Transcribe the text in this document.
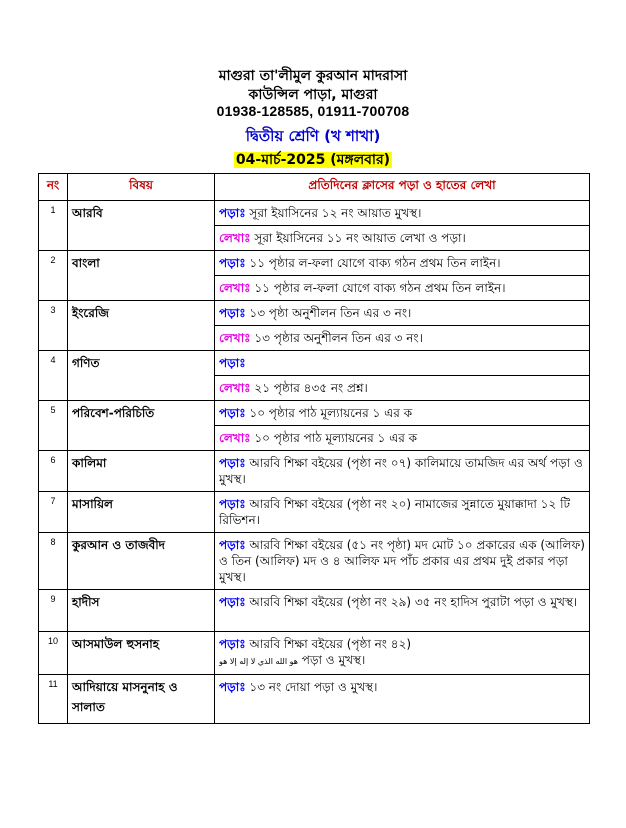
মাগুরা তা'লীমুল কুরআন মাদরাসা
কাউন্সিল পাড়া, মাগুরা
01938-128585, 01911-700708
দ্বিতীয় শ্রেণি (খ শাখা)
04-মার্চ-2025 (মঙ্গলবার)
নং	বিষয়	প্রতিদিনের ক্লাসের পড়া ও হাতের লেখা
1	আরবি	পড়াঃ সূরা ইয়াসিনের ১২ নং আয়াত মুখস্থ।
		লেখাঃ সূরা ইয়াসিনের ১১ নং আয়াত লেখা ও পড়া।
2	বাংলা	পড়াঃ ১১ পৃষ্ঠার ল-ফলা যোগে বাক্য গঠন প্রথম তিন লাইন।
		লেখাঃ ১১ পৃষ্ঠার ল-ফলা যোগে বাক্য গঠন প্রথম তিন লাইন।
3	ইংরেজি	পড়াঃ ১৩ পৃষ্ঠা অনুশীলন তিন এর ৩ নং।
		লেখাঃ ১৩ পৃষ্ঠার অনুশীলন তিন এর ৩ নং।
4	গণিত	পড়াঃ
		লেখাঃ ২১ পৃষ্ঠার ৪৩৫ নং প্রশ্ন।
5	পরিবেশ-পরিচিতি	পড়াঃ ১০ পৃষ্ঠার পাঠ মূল্যায়নের ১ এর ক
		লেখাঃ ১০ পৃষ্ঠার পাঠ মূল্যায়নের ১ এর ক
6	কালিমা	পড়াঃ আরবি শিক্ষা বইয়ের (পৃষ্ঠা নং ০৭) কালিমায়ে তামজিদ এর অর্থ পড়া ও মুখস্থ।
7	মাসায়িল	পড়াঃ আরবি শিক্ষা বইয়ের (পৃষ্ঠা নং ২০) নামাজের সুন্নাতে মুয়াক্কাদা ১২ টি রিভিশন।
8	কুরআন ও তাজবীদ	পড়াঃ আরবি শিক্ষা বইয়ের (৫১ নং পৃষ্ঠা) মদ মোট ১০ প্রকারের এক (আলিফ) ও তিন (আলিফ) মদ ও ৪ আলিফ মদ পাঁচ প্রকার এর প্রথম দুই প্রকার পড়া মুখস্থ।
9	হাদীস	পড়াঃ আরবি শিক্ষা বইয়ের (পৃষ্ঠা নং ২৯) ৩৫ নং হাদিস পুরাটা পড়া ও মুখস্থ।
10	আসমাউল হুসনাহ	পড়াঃ আরবি শিক্ষা বইয়ের (পৃষ্ঠা নং ৪২)
هو الله الذي لا إله إلا هو পড়া ও মুখস্থ।
11	আদিয়ায়ে মাসনুনাহ ও সালাত	পড়াঃ ১৩ নং দোয়া পড়া ও মুখস্থ।
